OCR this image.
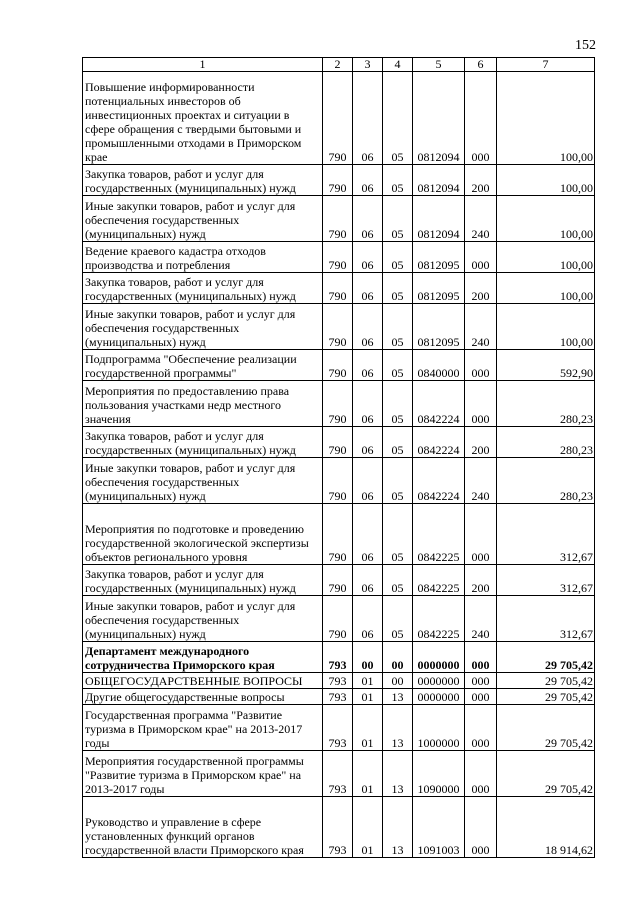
152
1	2	3	4	5	6	7
Повышение информированности потенциальных инвесторов об инвестиционных проектах и ситуации в сфере обращения с твердыми бытовыми и промышленными отходами в Приморском крае	790	06	05	0812094	000	100,00
Закупка товаров, работ и услуг для государственных (муниципальных) нужд	790	06	05	0812094	200	100,00
Иные закупки товаров, работ и услуг для обеспечения государственных (муниципальных) нужд	790	06	05	0812094	240	100,00
Ведение краевого кадастра отходов производства и потребления	790	06	05	0812095	000	100,00
Закупка товаров, работ и услуг для государственных (муниципальных) нужд	790	06	05	0812095	200	100,00
Иные закупки товаров, работ и услуг для обеспечения государственных (муниципальных) нужд	790	06	05	0812095	240	100,00
Подпрограмма "Обеспечение реализации государственной программы"	790	06	05	0840000	000	592,90
Мероприятия по предоставлению права пользования участками недр местного значения	790	06	05	0842224	000	280,23
Закупка товаров, работ и услуг для государственных (муниципальных) нужд	790	06	05	0842224	200	280,23
Иные закупки товаров, работ и услуг для обеспечения государственных (муниципальных) нужд	790	06	05	0842224	240	280,23
Мероприятия по подготовке и проведению государственной экологической экспертизы объектов регионального уровня	790	06	05	0842225	000	312,67
Закупка товаров, работ и услуг для государственных (муниципальных) нужд	790	06	05	0842225	200	312,67
Иные закупки товаров, работ и услуг для обеспечения государственных (муниципальных) нужд	790	06	05	0842225	240	312,67
Департамент международного сотрудничества Приморского края	793	00	00	0000000	000	29 705,42
ОБЩЕГОСУДАРСТВЕННЫЕ ВОПРОСЫ	793	01	00	0000000	000	29 705,42
Другие общегосударственные вопросы	793	01	13	0000000	000	29 705,42
Государственная программа "Развитие туризма в Приморском крае" на 2013-2017 годы	793	01	13	1000000	000	29 705,42
Мероприятия государственной программы "Развитие туризма в Приморском крае" на 2013-2017 годы	793	01	13	1090000	000	29 705,42
Руководство и управление в сфере установленных функций органов государственной власти Приморского края	793	01	13	1091003	000	18 914,62
